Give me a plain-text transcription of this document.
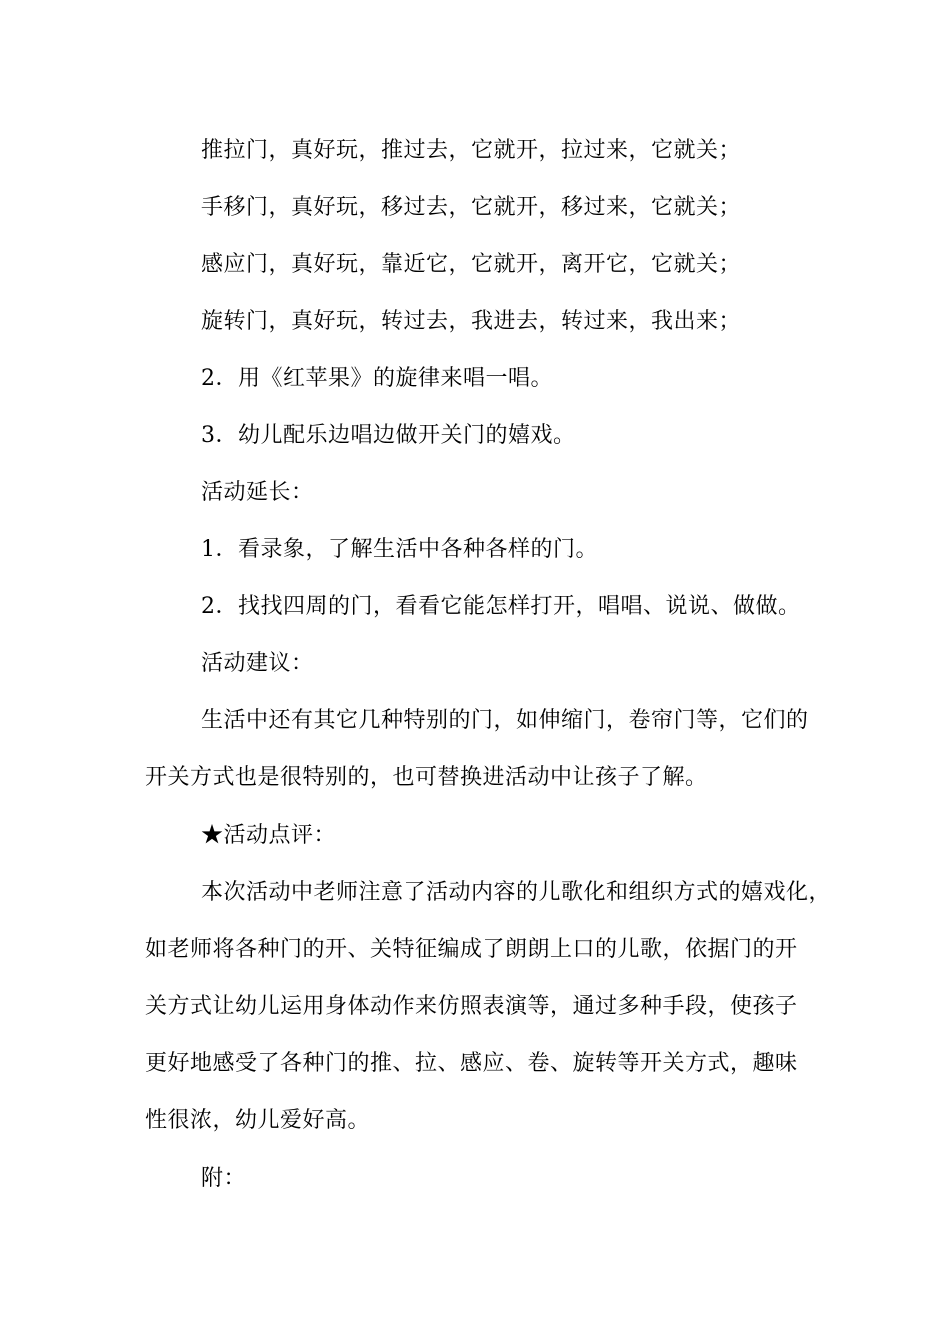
推拉门，真好玩，推过去，它就开，拉过来，它就关；
手移门，真好玩，移过去，它就开，移过来，它就关；
感应门，真好玩，靠近它，它就开，离开它，它就关；
旋转门，真好玩，转过去，我进去，转过来，我出来；
2．用《红苹果》的旋律来唱一唱。
3．幼儿配乐边唱边做开关门的嬉戏。
活动延长：
1．看录象，了解生活中各种各样的门。
2．找找四周的门，看看它能怎样打开，唱唱、说说、做做。
活动建议：
生活中还有其它几种特别的门，如伸缩门，卷帘门等，它们的
开关方式也是很特别的，也可替换进活动中让孩子了解。
★活动点评：
本次活动中老师注意了活动内容的儿歌化和组织方式的嬉戏化，
如老师将各种门的开、关特征编成了朗朗上口的儿歌，依据门的开
关方式让幼儿运用身体动作来仿照表演等，通过多种手段，使孩子
更好地感受了各种门的推、拉、感应、卷、旋转等开关方式，趣味
性很浓，幼儿爱好高。
附：
